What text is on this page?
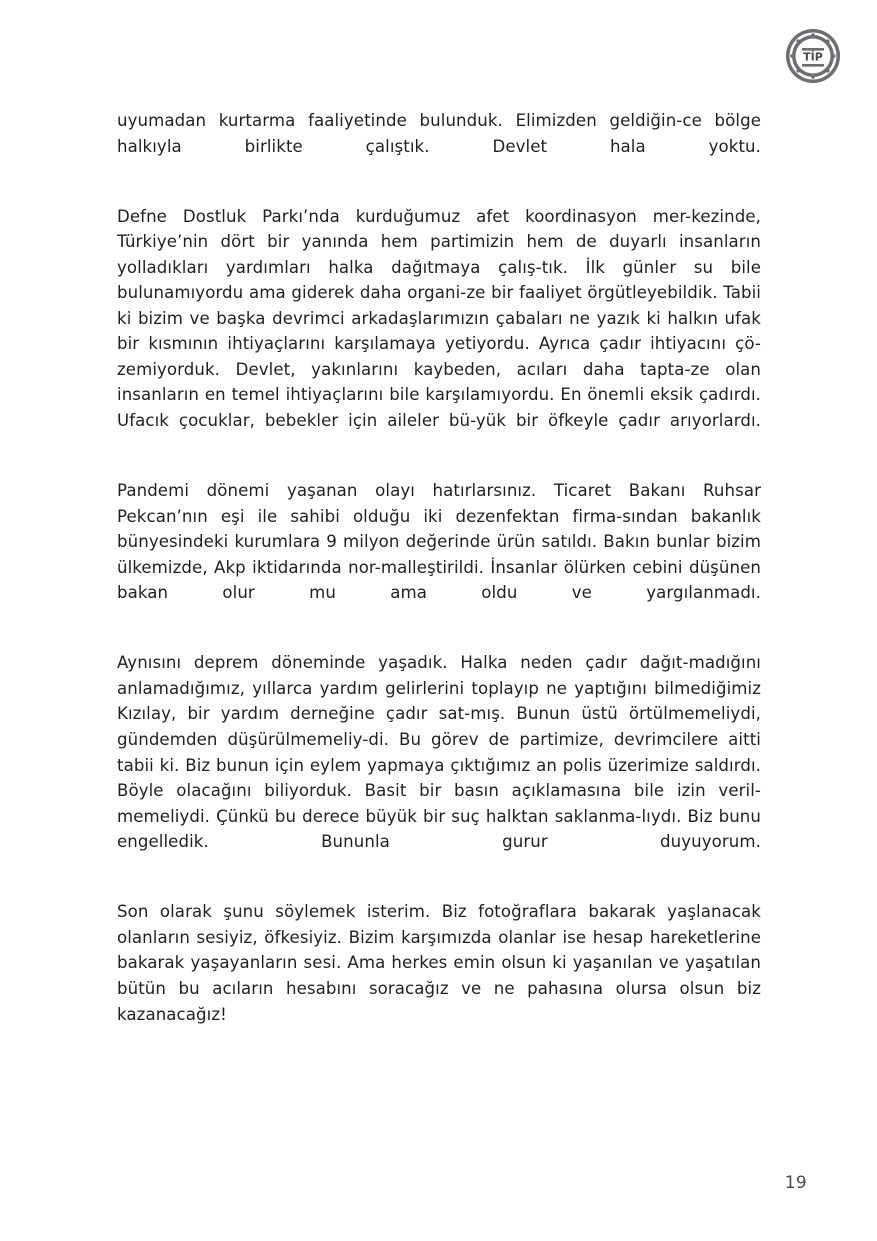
TİP

uyumadan kurtarma faaliyetinde bulunduk. Elimizden geldiğin-ce bölge halkıyla birlikte çalıştık. Devlet hala yoktu.

Defne Dostluk Parkı’nda kurduğumuz afet koordinasyon mer-kezinde, Türkiye’nin dört bir yanında hem partimizin hem de duyarlı insanların yolladıkları yardımları halka dağıtmaya çalış-tık. İlk günler su bile bulunamıyordu ama giderek daha organi-ze bir faaliyet örgütleyebildik. Tabii ki bizim ve başka devrimci arkadaşlarımızın çabaları ne yazık ki halkın ufak bir kısmının ihtiyaçlarını karşılamaya yetiyordu. Ayrıca çadır ihtiyacını çö-zemiyorduk. Devlet, yakınlarını kaybeden, acıları daha tapta-ze olan insanların en temel ihtiyaçlarını bile karşılamıyordu. En önemli eksik çadırdı. Ufacık çocuklar, bebekler için aileler bü-yük bir öfkeyle çadır arıyorlardı.

Pandemi dönemi yaşanan olayı hatırlarsınız. Ticaret Bakanı Ruhsar Pekcan’nın eşi ile sahibi olduğu iki dezenfektan firma-sından bakanlık bünyesindeki kurumlara 9 milyon değerinde ürün satıldı. Bakın bunlar bizim ülkemizde, Akp iktidarında nor-malleştirildi. İnsanlar ölürken cebini düşünen bakan olur mu ama oldu ve yargılanmadı.

Aynısını deprem döneminde yaşadık. Halka neden çadır dağıt-madığını anlamadığımız, yıllarca yardım gelirlerini toplayıp ne yaptığını bilmediğimiz Kızılay, bir yardım derneğine çadır sat-mış. Bunun üstü örtülmemeliydi, gündemden düşürülmemeliy-di. Bu görev de partimize, devrimcilere aitti tabii ki. Biz bunun için eylem yapmaya çıktığımız an polis üzerimize saldırdı. Böyle olacağını biliyorduk. Basit bir basın açıklamasına bile izin veril-memeliydi. Çünkü bu derece büyük bir suç halktan saklanma-lıydı. Biz bunu engelledik. Bununla gurur duyuyorum.

Son olarak şunu söylemek isterim. Biz fotoğraflara bakarak yaşlanacak olanların sesiyiz, öfkesiyiz. Bizim karşımızda olanlar ise hesap hareketlerine bakarak yaşayanların sesi. Ama herkes emin olsun ki yaşanılan ve yaşatılan bütün bu acıların hesabını soracağız ve ne pahasına olursa olsun biz kazanacağız!

19
